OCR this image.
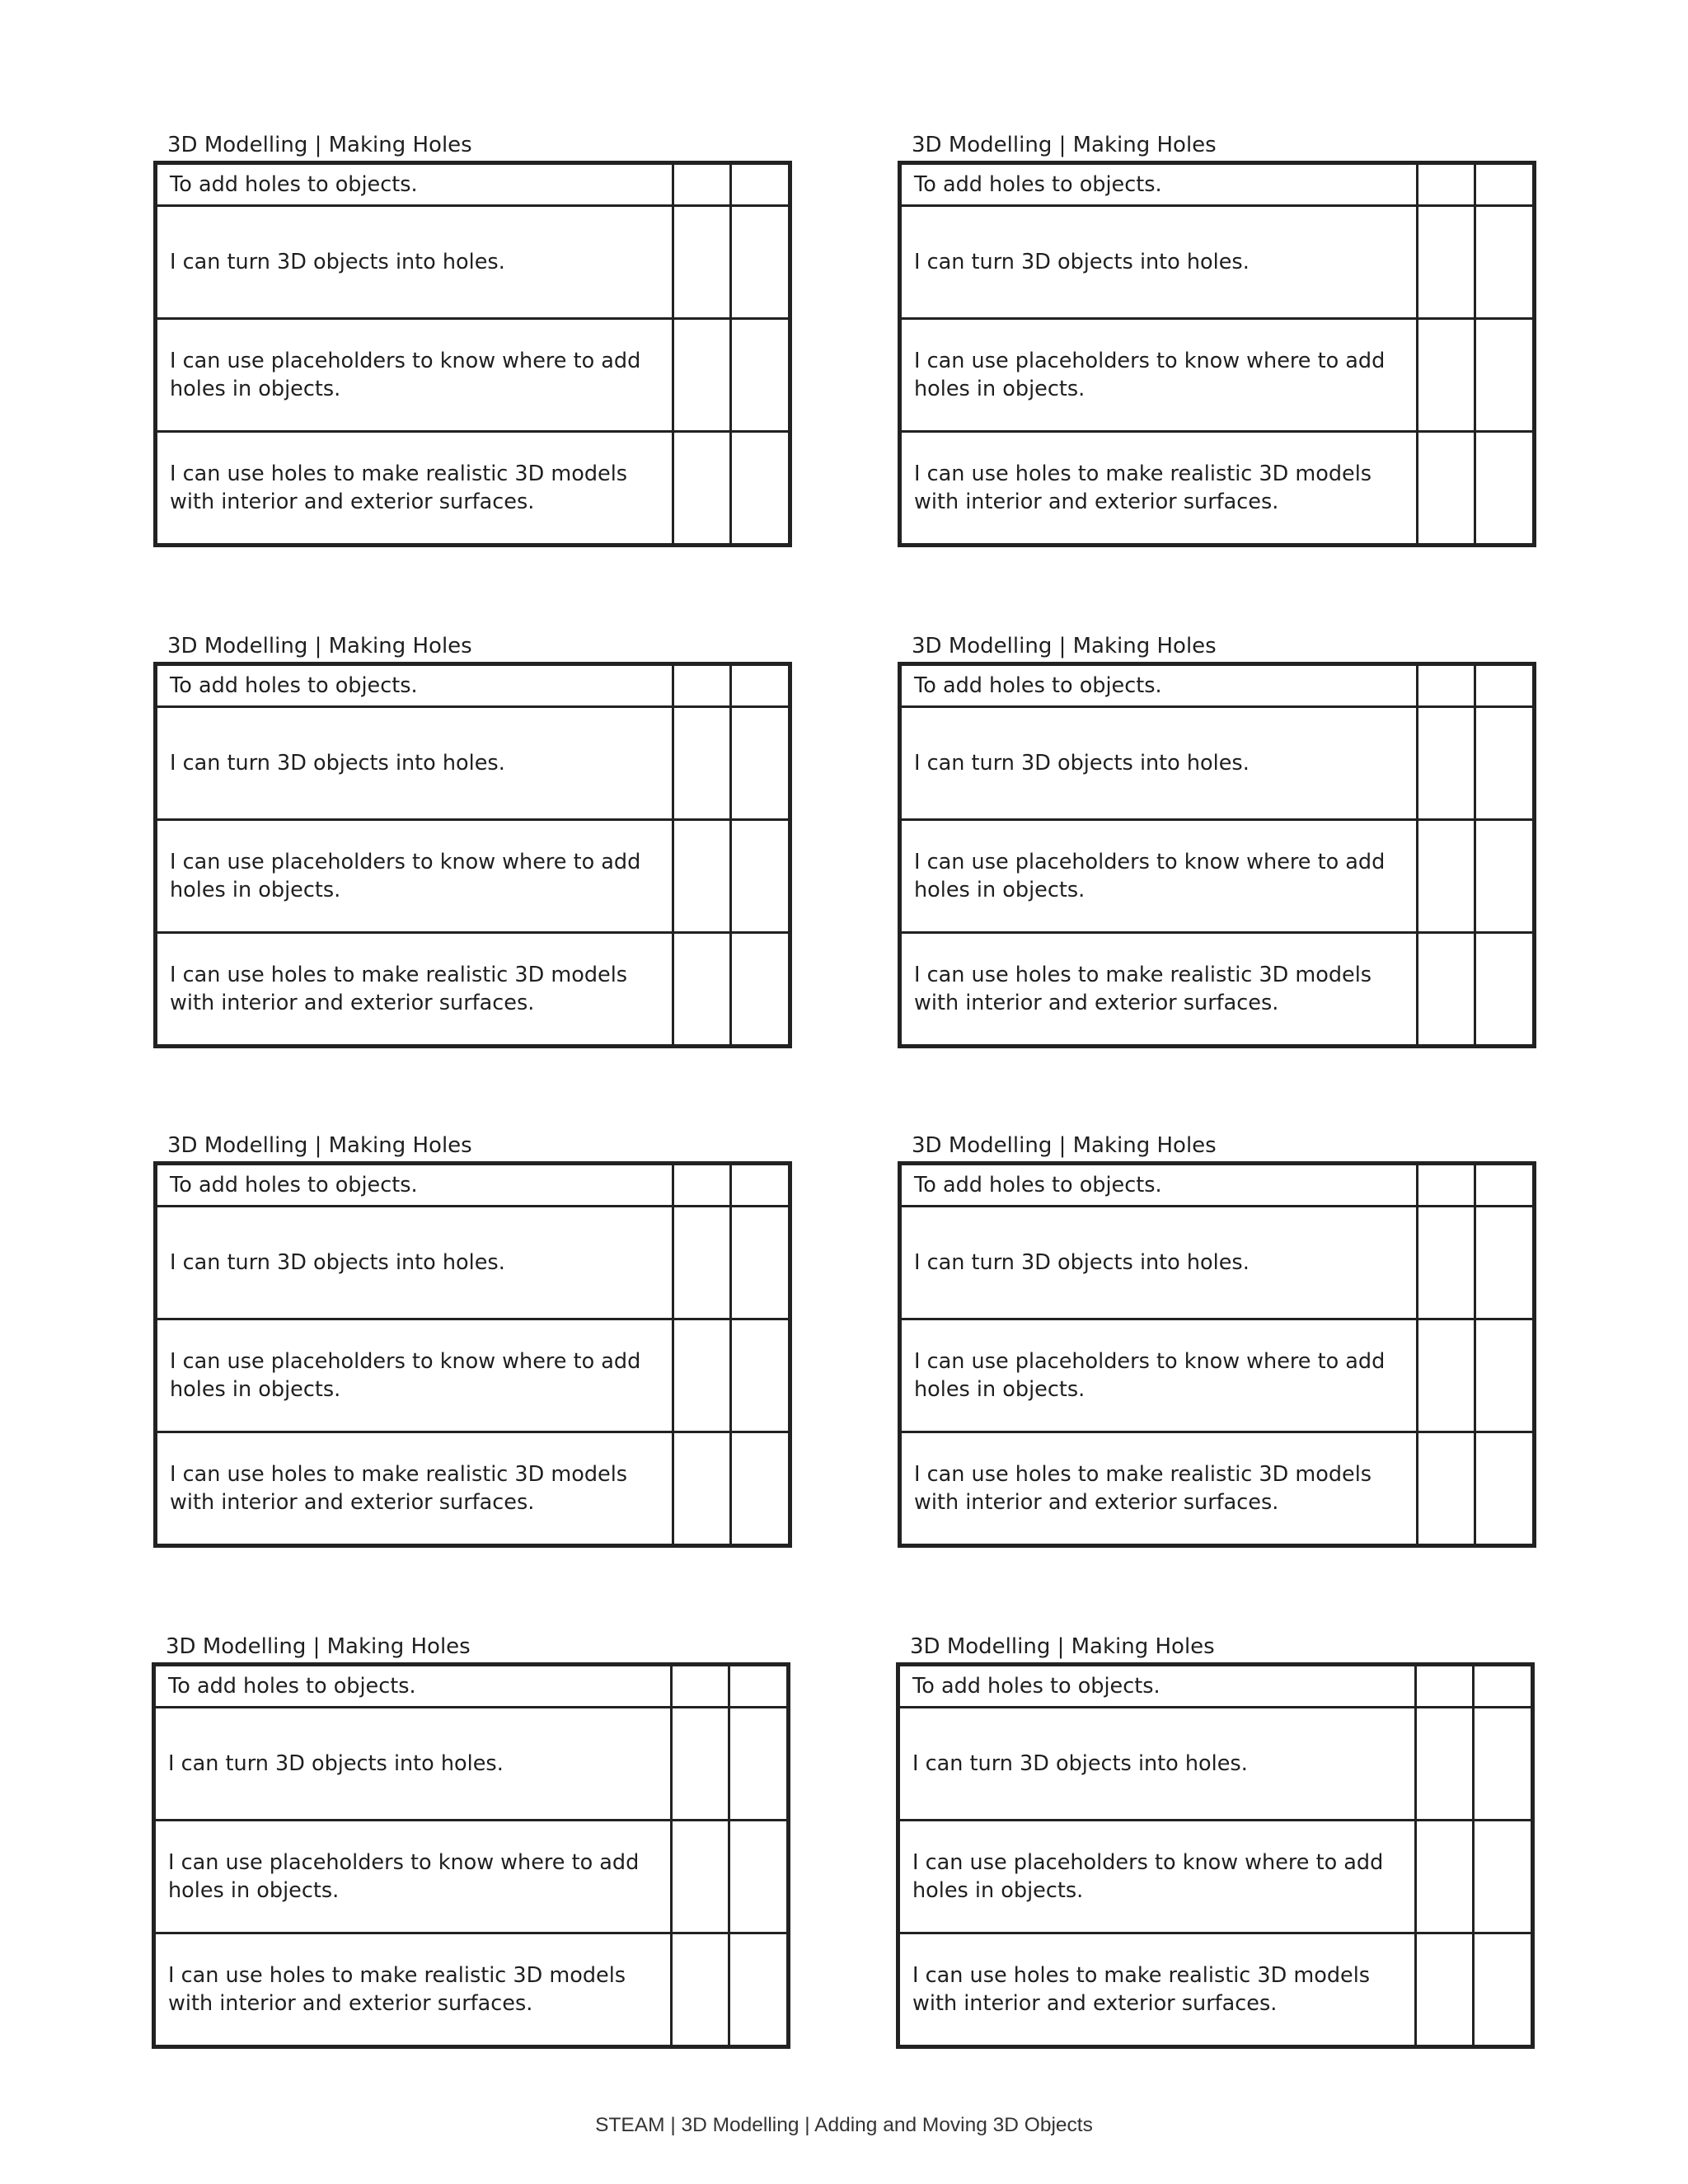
3D Modelling | Making Holes
To add holes to objects.		
I can turn 3D objects into holes.		
I can use placeholders to know where to add holes in objects.		
I can use holes to make realistic 3D models with interior and exterior surfaces.		
3D Modelling | Making Holes
To add holes to objects.		
I can turn 3D objects into holes.		
I can use placeholders to know where to add holes in objects.		
I can use holes to make realistic 3D models with interior and exterior surfaces.		
3D Modelling | Making Holes
To add holes to objects.		
I can turn 3D objects into holes.		
I can use placeholders to know where to add holes in objects.		
I can use holes to make realistic 3D models with interior and exterior surfaces.		
3D Modelling | Making Holes
To add holes to objects.		
I can turn 3D objects into holes.		
I can use placeholders to know where to add holes in objects.		
I can use holes to make realistic 3D models with interior and exterior surfaces.		
3D Modelling | Making Holes
To add holes to objects.		
I can turn 3D objects into holes.		
I can use placeholders to know where to add holes in objects.		
I can use holes to make realistic 3D models with interior and exterior surfaces.		
3D Modelling | Making Holes
To add holes to objects.		
I can turn 3D objects into holes.		
I can use placeholders to know where to add holes in objects.		
I can use holes to make realistic 3D models with interior and exterior surfaces.		
3D Modelling | Making Holes
To add holes to objects.		
I can turn 3D objects into holes.		
I can use placeholders to know where to add holes in objects.		
I can use holes to make realistic 3D models with interior and exterior surfaces.		
3D Modelling | Making Holes
To add holes to objects.		
I can turn 3D objects into holes.		
I can use placeholders to know where to add holes in objects.		
I can use holes to make realistic 3D models with interior and exterior surfaces.		
STEAM | 3D Modelling | Adding and Moving 3D Objects
